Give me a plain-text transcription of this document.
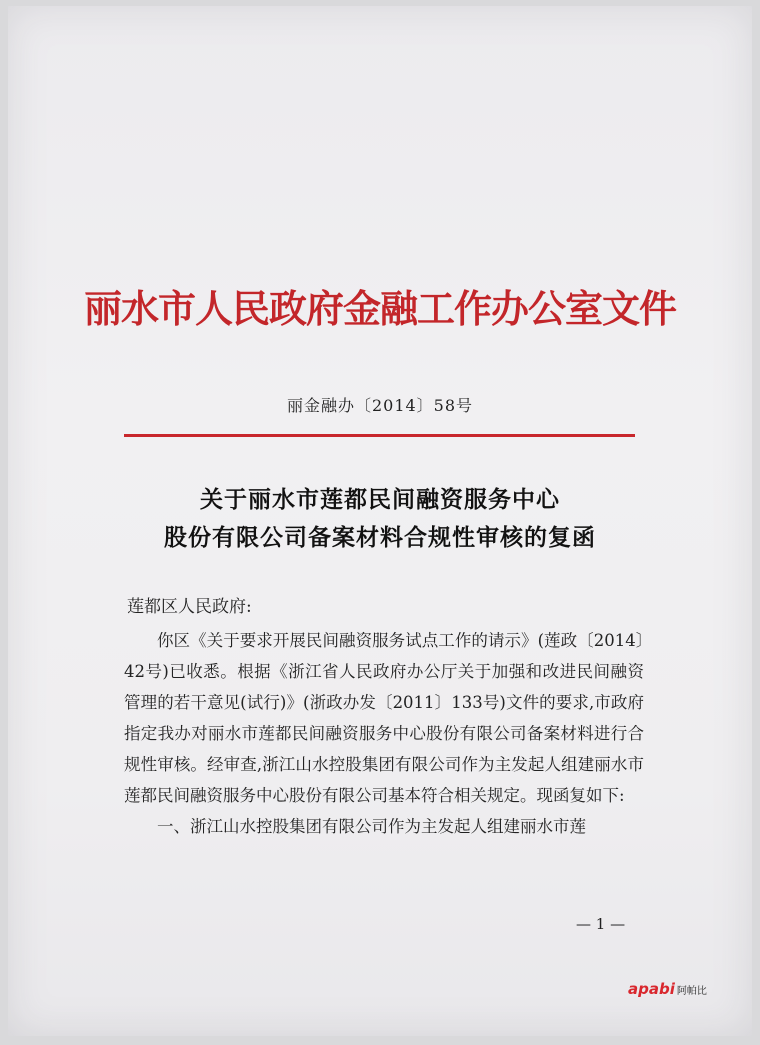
丽水市人民政府金融工作办公室文件
丽金融办〔2014〕58号
关于丽水市莲都民间融资服务中心
股份有限公司备案材料合规性审核的复函
莲都区人民政府:

你区《关于要求开展民间融资服务试点工作的请示》(莲政〔2014〕42号)已收悉。根据《浙江省人民政府办公厅关于加强和改进民间融资管理的若干意见(试行)》(浙政办发〔2011〕133号)文件的要求,市政府指定我办对丽水市莲都民间融资服务中心股份有限公司备案材料进行合规性审核。经审查,浙江山水控股集团有限公司作为主发起人组建丽水市莲都民间融资服务中心股份有限公司基本符合相关规定。现函复如下:

一、浙江山水控股集团有限公司作为主发起人组建丽水市莲

— 1 —
apabi 阿帕比
